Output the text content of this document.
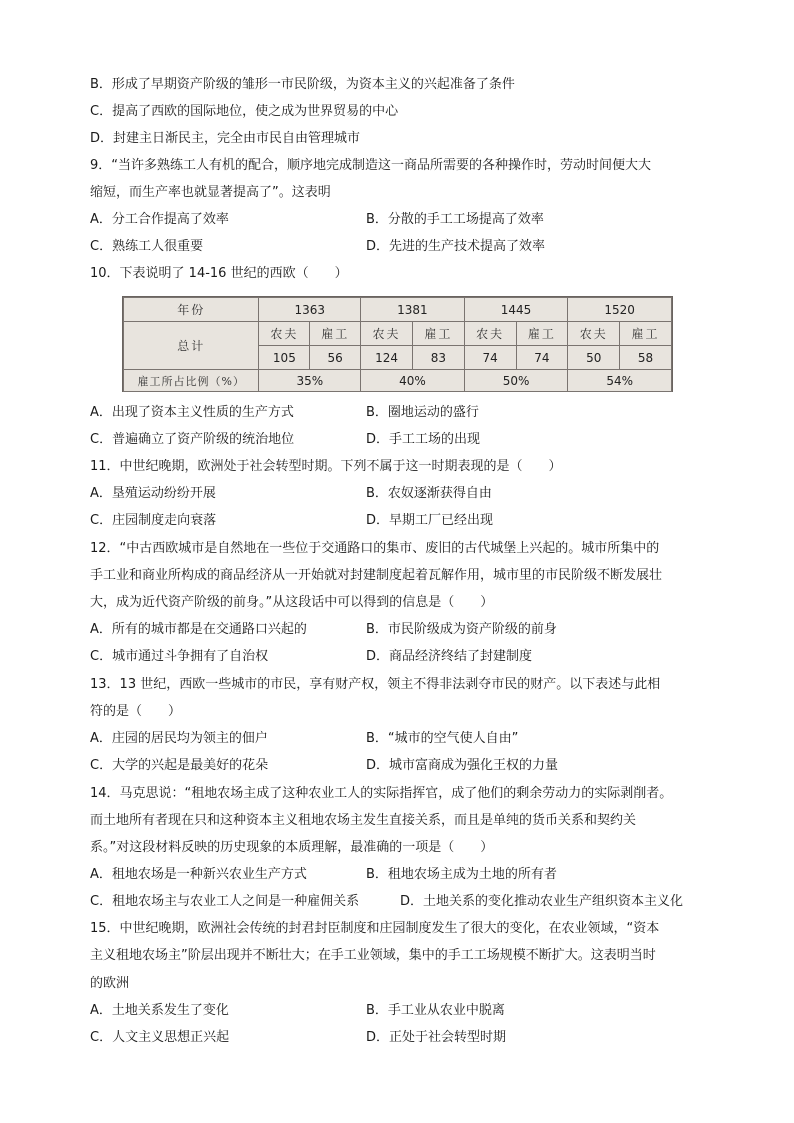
B．形成了早期资产阶级的雏形一市民阶级，为资本主义的兴起准备了条件
C．提高了西欧的国际地位，使之成为世界贸易的中心
D．封建主日渐民主，完全由市民自由管理城市
9．“当许多熟练工人有机的配合，顺序地完成制造这一商品所需要的各种操作时，劳动时间便大大
缩短，而生产率也就显著提高了”。这表明
A．分工合作提高了效率	B．分散的手工工场提高了效率
C．熟练工人很重要	D．先进的生产技术提高了效率
10．下表说明了 14-16 世纪的西欧（　　）
年份	1363		1381		1445		1520	
总计	农夫	雇工	农夫	雇工	农夫	雇工	农夫	雇工
	105	56	124	83	74	74	50	58
雇工所占比例（%）	35%		40%		50%		54%	
A．出现了资本主义性质的生产方式	B．圈地运动的盛行
C．普遍确立了资产阶级的统治地位	D．手工工场的出现
11．中世纪晚期，欧洲处于社会转型时期。下列不属于这一时期表现的是（　　）
A．垦殖运动纷纷开展	B．农奴逐渐获得自由
C．庄园制度走向衰落	D．早期工厂已经出现
12．“中古西欧城市是自然地在一些位于交通路口的集市、废旧的古代城堡上兴起的。城市所集中的
手工业和商业所构成的商品经济从一开始就对封建制度起着瓦解作用，城市里的市民阶级不断发展壮
大，成为近代资产阶级的前身。”从这段话中可以得到的信息是（　　）
A．所有的城市都是在交通路口兴起的	B．市民阶级成为资产阶级的前身
C．城市通过斗争拥有了自治权	D．商品经济终结了封建制度
13．13 世纪，西欧一些城市的市民，享有财产权，领主不得非法剥夺市民的财产。以下表述与此相
符的是（　　）
A．庄园的居民均为领主的佃户	B．“城市的空气使人自由”
C．大学的兴起是最美好的花朵	D．城市富商成为强化王权的力量
14．马克思说：“租地农场主成了这种农业工人的实际指挥官，成了他们的剩余劳动力的实际剥削者。
而土地所有者现在只和这种资本主义租地农场主发生直接关系，而且是单纯的货币关系和契约关
系。”对这段材料反映的历史现象的本质理解，最准确的一项是（　　）
A．租地农场是一种新兴农业生产方式	B．租地农场主成为土地的所有者
C．租地农场主与农业工人之间是一种雇佣关系	D．土地关系的变化推动农业生产组织资本主义化
15．中世纪晚期，欧洲社会传统的封君封臣制度和庄园制度发生了很大的变化，在农业领域，“资本
主义租地农场主”阶层出现并不断壮大；在手工业领域，集中的手工工场规模不断扩大。这表明当时
的欧洲
A．土地关系发生了变化	B．手工业从农业中脱离
C．人文主义思想正兴起	D．正处于社会转型时期
